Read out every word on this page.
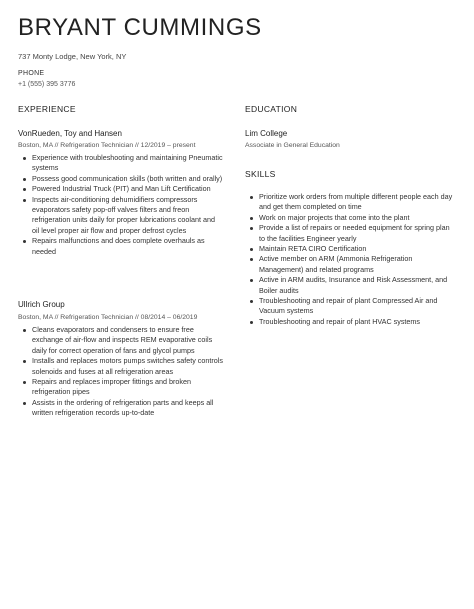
BRYANT CUMMINGS
737 Monty Lodge, New York, NY
PHONE
+1 (555) 395 3776
EXPERIENCE
VonRueden, Toy and Hansen
Boston, MA // Refrigeration Technician // 12/2019 – present
Experience with troubleshooting and maintaining Pneumatic systems
Possess good communication skills (both written and orally)
Powered Industrial Truck (PIT) and Man Lift Certification
Inspects air-conditioning dehumidifiers compressors evaporators safety pop-off valves filters and freon refrigeration units daily for proper lubrications coolant and oil level proper air flow and proper defrost cycles
Repairs malfunctions and does complete overhauls as needed
Ullrich Group
Boston, MA // Refrigeration Technician // 08/2014 – 06/2019
Cleans evaporators and condensers to ensure free exchange of air-flow and inspects REM evaporative coils daily for correct operation of fans and glycol pumps
Installs and replaces motors pumps switches safety controls solenoids and fuses at all refrigeration areas
Repairs and replaces improper fittings and broken refrigeration pipes
Assists in the ordering of refrigeration parts and keeps all written refrigeration records up-to-date
EDUCATION
Lim College
Associate in General Education
SKILLS
Prioritize work orders from multiple different people each day and get them completed on time
Work on major projects that come into the plant
Provide a list of repairs or needed equipment for spring plan to the facilities Engineer yearly
Maintain RETA CIRO Certification
Active member on ARM (Ammonia Refrigeration Management) and related programs
Active in ARM audits, Insurance and Risk Assessment, and Boiler audits
Troubleshooting and repair of plant Compressed Air and Vacuum systems
Troubleshooting and repair of plant HVAC systems
